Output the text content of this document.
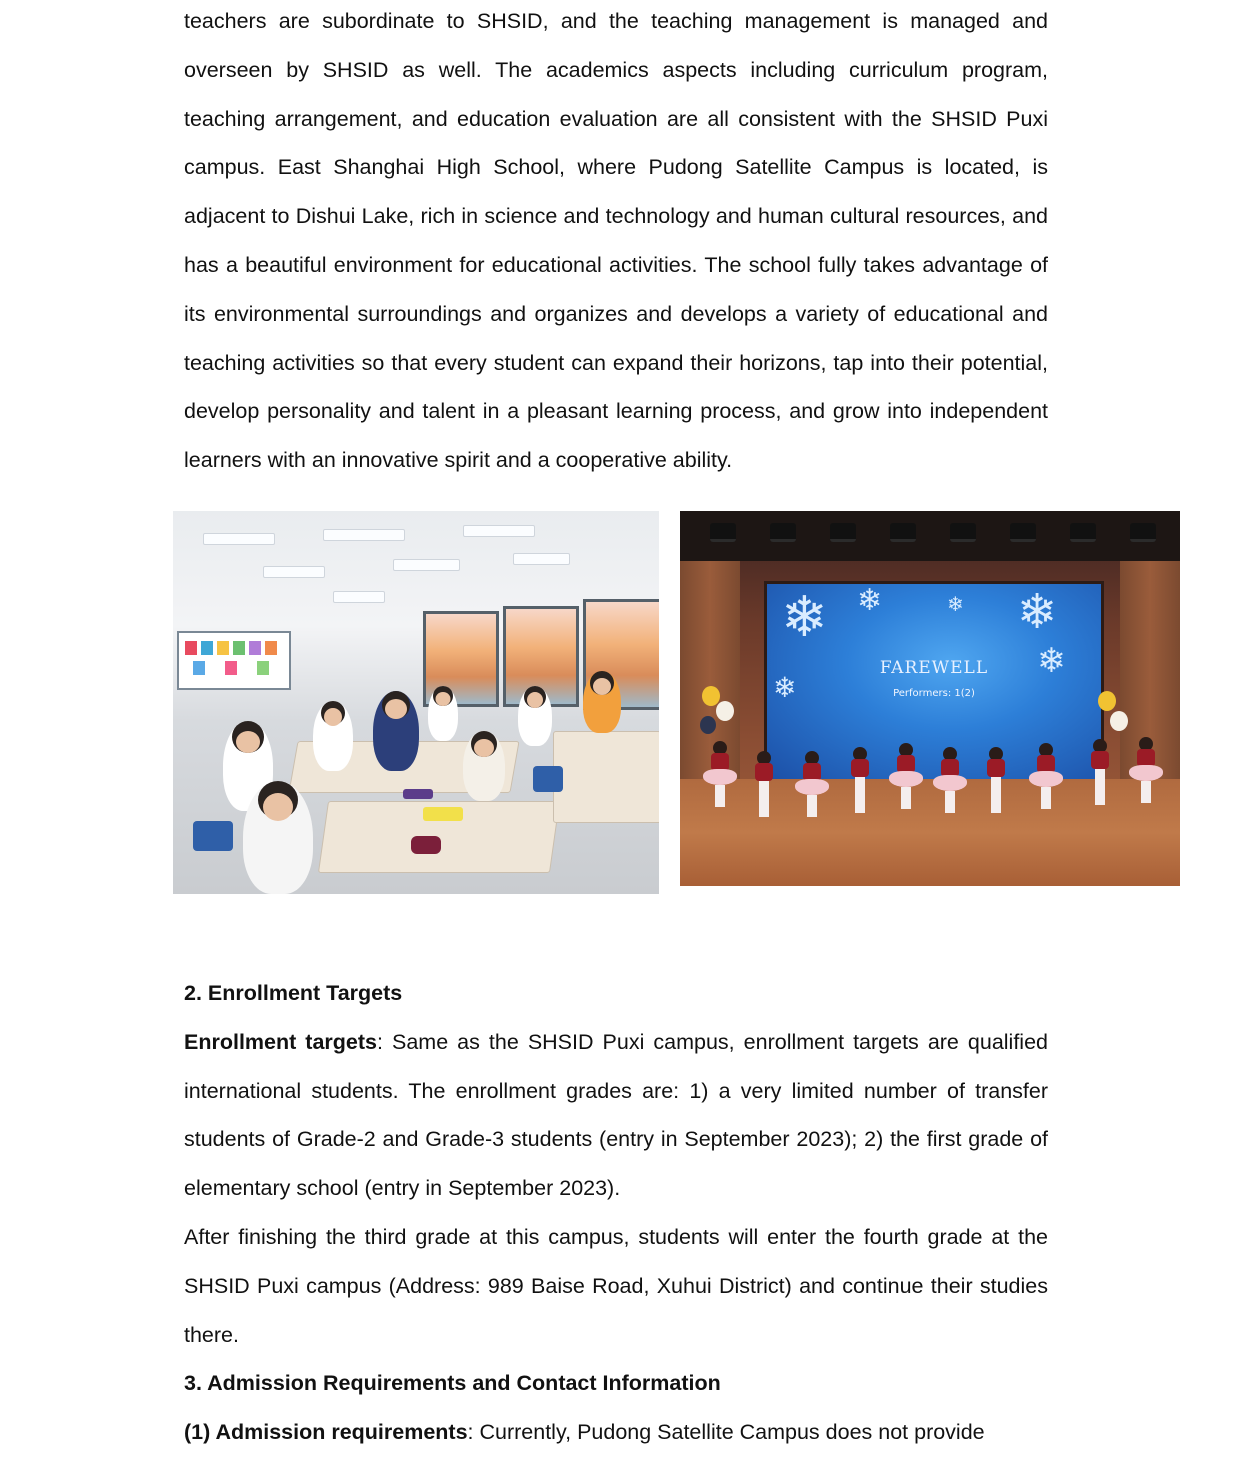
teachers are subordinate to SHSID, and the teaching management is managed and overseen by SHSID as well. The academics aspects including curriculum program, teaching arrangement, and education evaluation are all consistent with the SHSID Puxi campus. East Shanghai High School, where Pudong Satellite Campus is located, is adjacent to Dishui Lake, rich in science and technology and human cultural resources, and has a beautiful environment for educational activities. The school fully takes advantage of its environmental surroundings and organizes and develops a variety of educational and teaching activities so that every student can expand their horizons, tap into their potential, develop personality and talent in a pleasant learning process, and grow into independent learners with an innovative spirit and a cooperative ability.

❄ ❄	❄
❄
❄
❄
FAREWELL
Performers: 1(2)

2. Enrollment Targets

Enrollment targets: Same as the SHSID Puxi campus, enrollment targets are qualified international students. The enrollment grades are: 1) a very limited number of transfer students of Grade-2 and Grade-3 students (entry in September 2023); 2) the first grade of elementary school (entry in September 2023).

After finishing the third grade at this campus, students will enter the fourth grade at the SHSID Puxi campus (Address: 989 Baise Road, Xuhui District) and continue their studies there.

3. Admission Requirements and Contact Information

(1) Admission requirements: Currently, Pudong Satellite Campus does not provide
